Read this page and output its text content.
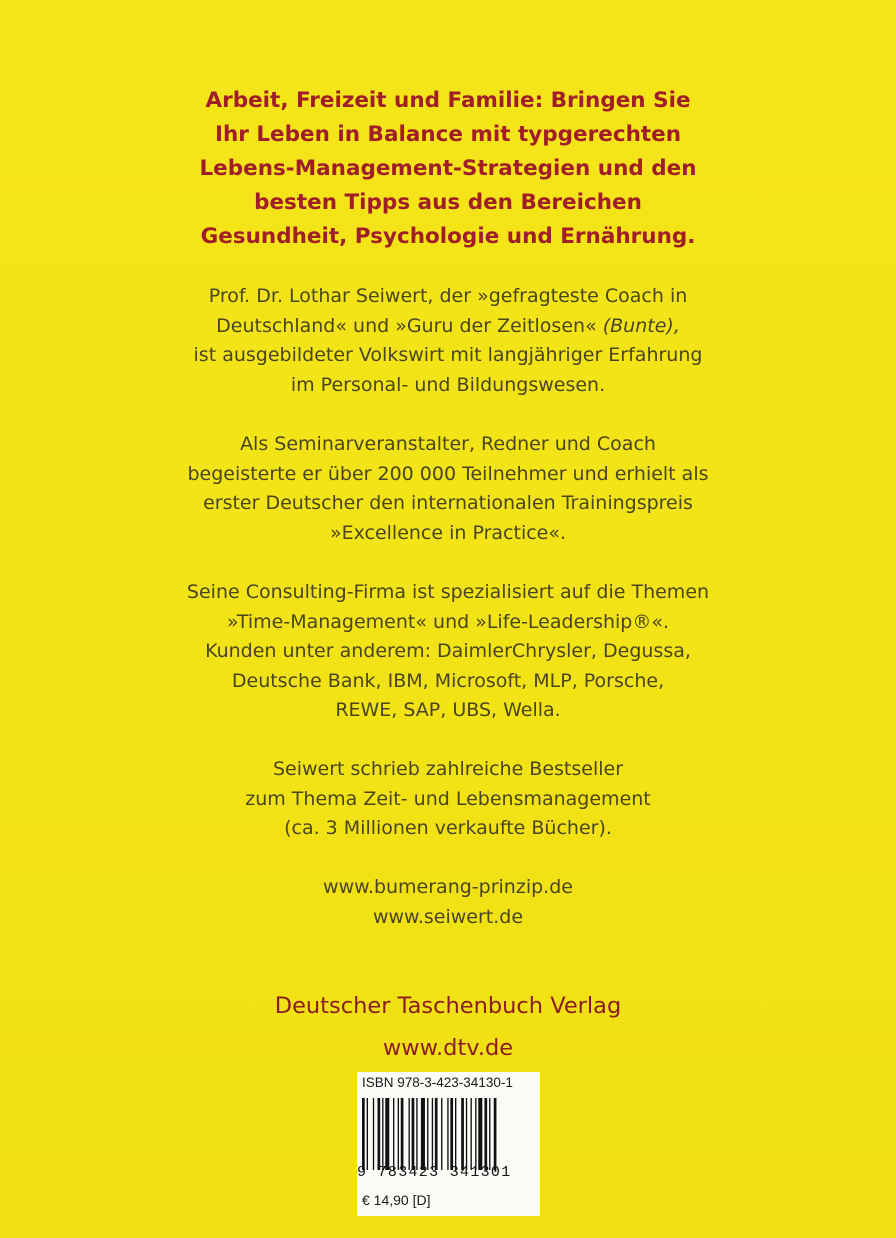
Arbeit, Freizeit und Familie: Bringen Sie
Ihr Leben in Balance mit typgerechten
Lebens-Management-Strategien und den
besten Tipps aus den Bereichen
Gesundheit, Psychologie und Ernährung.
Prof. Dr. Lothar Seiwert, der »gefragteste Coach in
Deutschland« und »Guru der Zeitlosen« (Bunte),
ist ausgebildeter Volkswirt mit langjähriger Erfahrung
im Personal- und Bildungswesen.
Als Seminarveranstalter, Redner und Coach
begeisterte er über 200 000 Teilnehmer und erhielt als
erster Deutscher den internationalen Trainingspreis
»Excellence in Practice«.
Seine Consulting-Firma ist spezialisiert auf die Themen
»Time-Management« und »Life-Leadership®«.
Kunden unter anderem: DaimlerChrysler, Degussa,
Deutsche Bank, IBM, Microsoft, MLP, Porsche,
REWE, SAP, UBS, Wella.
Seiwert schrieb zahlreiche Bestseller
zum Thema Zeit- und Lebensmanagement
(ca. 3 Millionen verkaufte Bücher).
www.bumerang-prinzip.de
www.seiwert.de
Deutscher Taschenbuch Verlag
www.dtv.de
ISBN 978-3-423-34130-1
9 783423 341301
€ 14,90 [D]
